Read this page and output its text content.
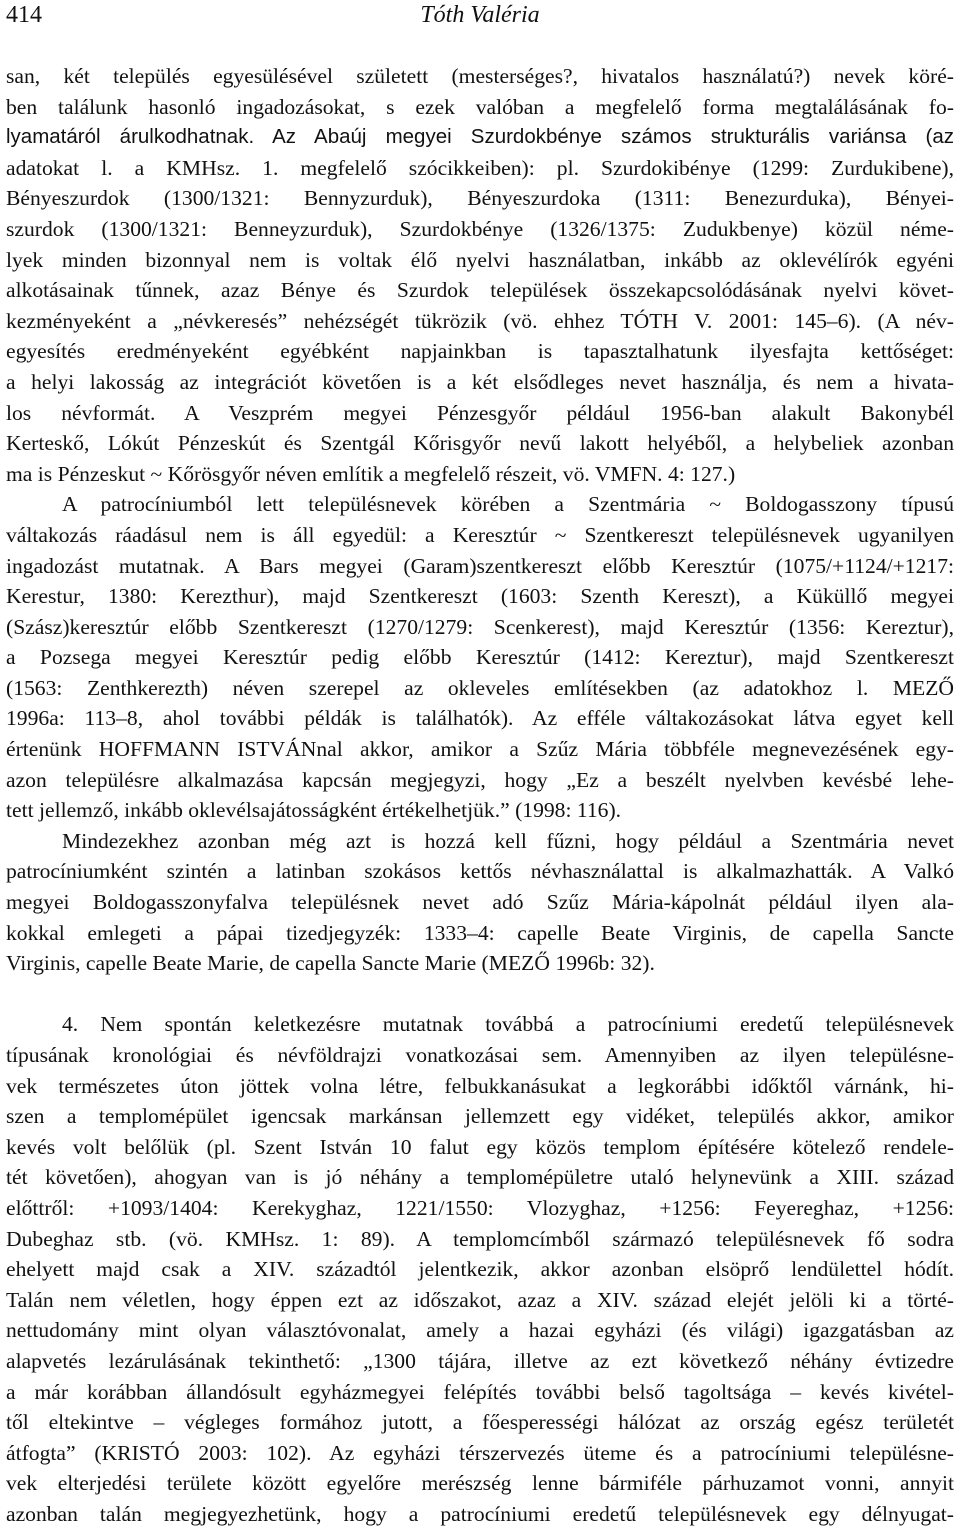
414	Tóth Valéria
san, két település egyesülésével született (mesterséges?, hivatalos használatú?) nevek köré-
ben találunk hasonló ingadozásokat, s ezek valóban a megfelelő forma megtalálásának fo-
lyamatáról árulkodhatnak. Az Abaúj megyei Szurdokbénye számos strukturális variánsa (az
adatokat l. a KMHsz. 1. megfelelő szócikkeiben): pl. Szurdokibénye (1299: Zurdukibene),
Bényeszurdok (1300/1321: Bennyzurduk), Bényeszurdoka (1311: Benezurduka), Bényei-
szurdok (1300/1321: Benneyzurduk), Szurdokbénye (1326/1375: Zudukbenye) közül néme-
lyek minden bizonnyal nem is voltak élő nyelvi használatban, inkább az oklevélírók egyéni
alkotásainak tűnnek, azaz Bénye és Szurdok települések összekapcsolódásának nyelvi követ-
kezményeként a „névkeresés” nehézségét tükrözik (vö. ehhez TÓTH V. 2001: 145–6). (A név-
egyesítés eredményeként egyébként napjainkban is tapasztalhatunk ilyesfajta kettőséget:
a helyi lakosság az integrációt követően is a két elsődleges nevet használja, és nem a hivata-
los névformát. A Veszprém megyei Pénzesgyőr például 1956-ban alakult Bakonybél
Kerteskő, Lókút Pénzeskút és Szentgál Kőrisgyőr nevű lakott helyéből, a helybeliek azonban
ma is Pénzeskut ~ Kőrösgyőr néven említik a megfelelő részeit, vö. VMFN. 4: 127.)
A patrocíniumból lett településnevek körében a Szentmária ~ Boldogasszony típusú
váltakozás ráadásul nem is áll egyedül: a Keresztúr ~ Szentkereszt településnevek ugyanilyen
ingadozást mutatnak. A Bars megyei (Garam)szentkereszt előbb Keresztúr (1075/+1124/+1217:
Kerestur, 1380: Kerezthur), majd Szentkereszt (1603: Szenth Kereszt), a Küküllő megyei
(Szász)keresztúr előbb Szentkereszt (1270/1279: Scenkerest), majd Keresztúr (1356: Kereztur),
a Pozsega megyei Keresztúr pedig előbb Keresztúr (1412: Kereztur), majd Szentkereszt
(1563: Zenthkerezth) néven szerepel az okleveles említésekben (az adatokhoz l. MEZŐ
1996a: 113–8, ahol további példák is találhatók). Az efféle váltakozásokat látva egyet kell
értenünk HOFFMANN ISTVÁNnal akkor, amikor a Szűz Mária többféle megnevezésének egy-
azon településre alkalmazása kapcsán megjegyzi, hogy „Ez a beszélt nyelvben kevésbé lehe-
tett jellemző, inkább oklevélsajátosságként értékelhetjük.” (1998: 116).
Mindezekhez azonban még azt is hozzá kell fűzni, hogy például a Szentmária nevet
patrocíniumként szintén a latinban szokásos kettős névhasználattal is alkalmazhatták. A Valkó
megyei Boldogasszonyfalva településnek nevet adó Szűz Mária-kápolnát például ilyen ala-
kokkal emlegeti a pápai tizedjegyzék: 1333–4: capelle Beate Virginis, de capella Sancte
Virginis, capelle Beate Marie, de capella Sancte Marie (MEZŐ 1996b: 32).
4. Nem spontán keletkezésre mutatnak továbbá a patrocíniumi eredetű településnevek
típusának kronológiai és névföldrajzi vonatkozásai sem. Amennyiben az ilyen településne-
vek természetes úton jöttek volna létre, felbukkanásukat a legkorábbi időktől várnánk, hi-
szen a templomépület igencsak markánsan jellemzett egy vidéket, település akkor, amikor
kevés volt belőlük (pl. Szent István 10 falut egy közös templom építésére kötelező rendele-
tét követően), ahogyan van is jó néhány a templomépületre utaló helynevünk a XIII. század
előttről: +1093/1404: Kerekyghaz, 1221/1550: Vlozyghaz, +1256: Feyereghaz, +1256:
Dubeghaz stb. (vö. KMHsz. 1: 89). A templomcímből származó településnevek fő sodra
ehelyett majd csak a XIV. századtól jelentkezik, akkor azonban elsöprő lendülettel hódít.
Talán nem véletlen, hogy éppen ezt az időszakot, azaz a XIV. század elejét jelöli ki a törté-
nettudomány mint olyan választóvonalat, amely a hazai egyházi (és világi) igazgatásban az
alapvetés lezárulásának tekinthető: „1300 tájára, illetve az ezt következő néhány évtizedre
a már korábban állandósult egyházmegyei felépítés további belső tagoltsága – kevés kivétel-
től eltekintve – végleges formához jutott, a főesperességi hálózat az ország egész területét
átfogta” (KRISTÓ 2003: 102). Az egyházi térszervezés üteme és a patrocíniumi településne-
vek elterjedési területe között egyelőre merészség lenne bármiféle párhuzamot vonni, annyit
azonban talán megjegyezhetünk, hogy a patrocíniumi eredetű településnevek egy délnyugat-
